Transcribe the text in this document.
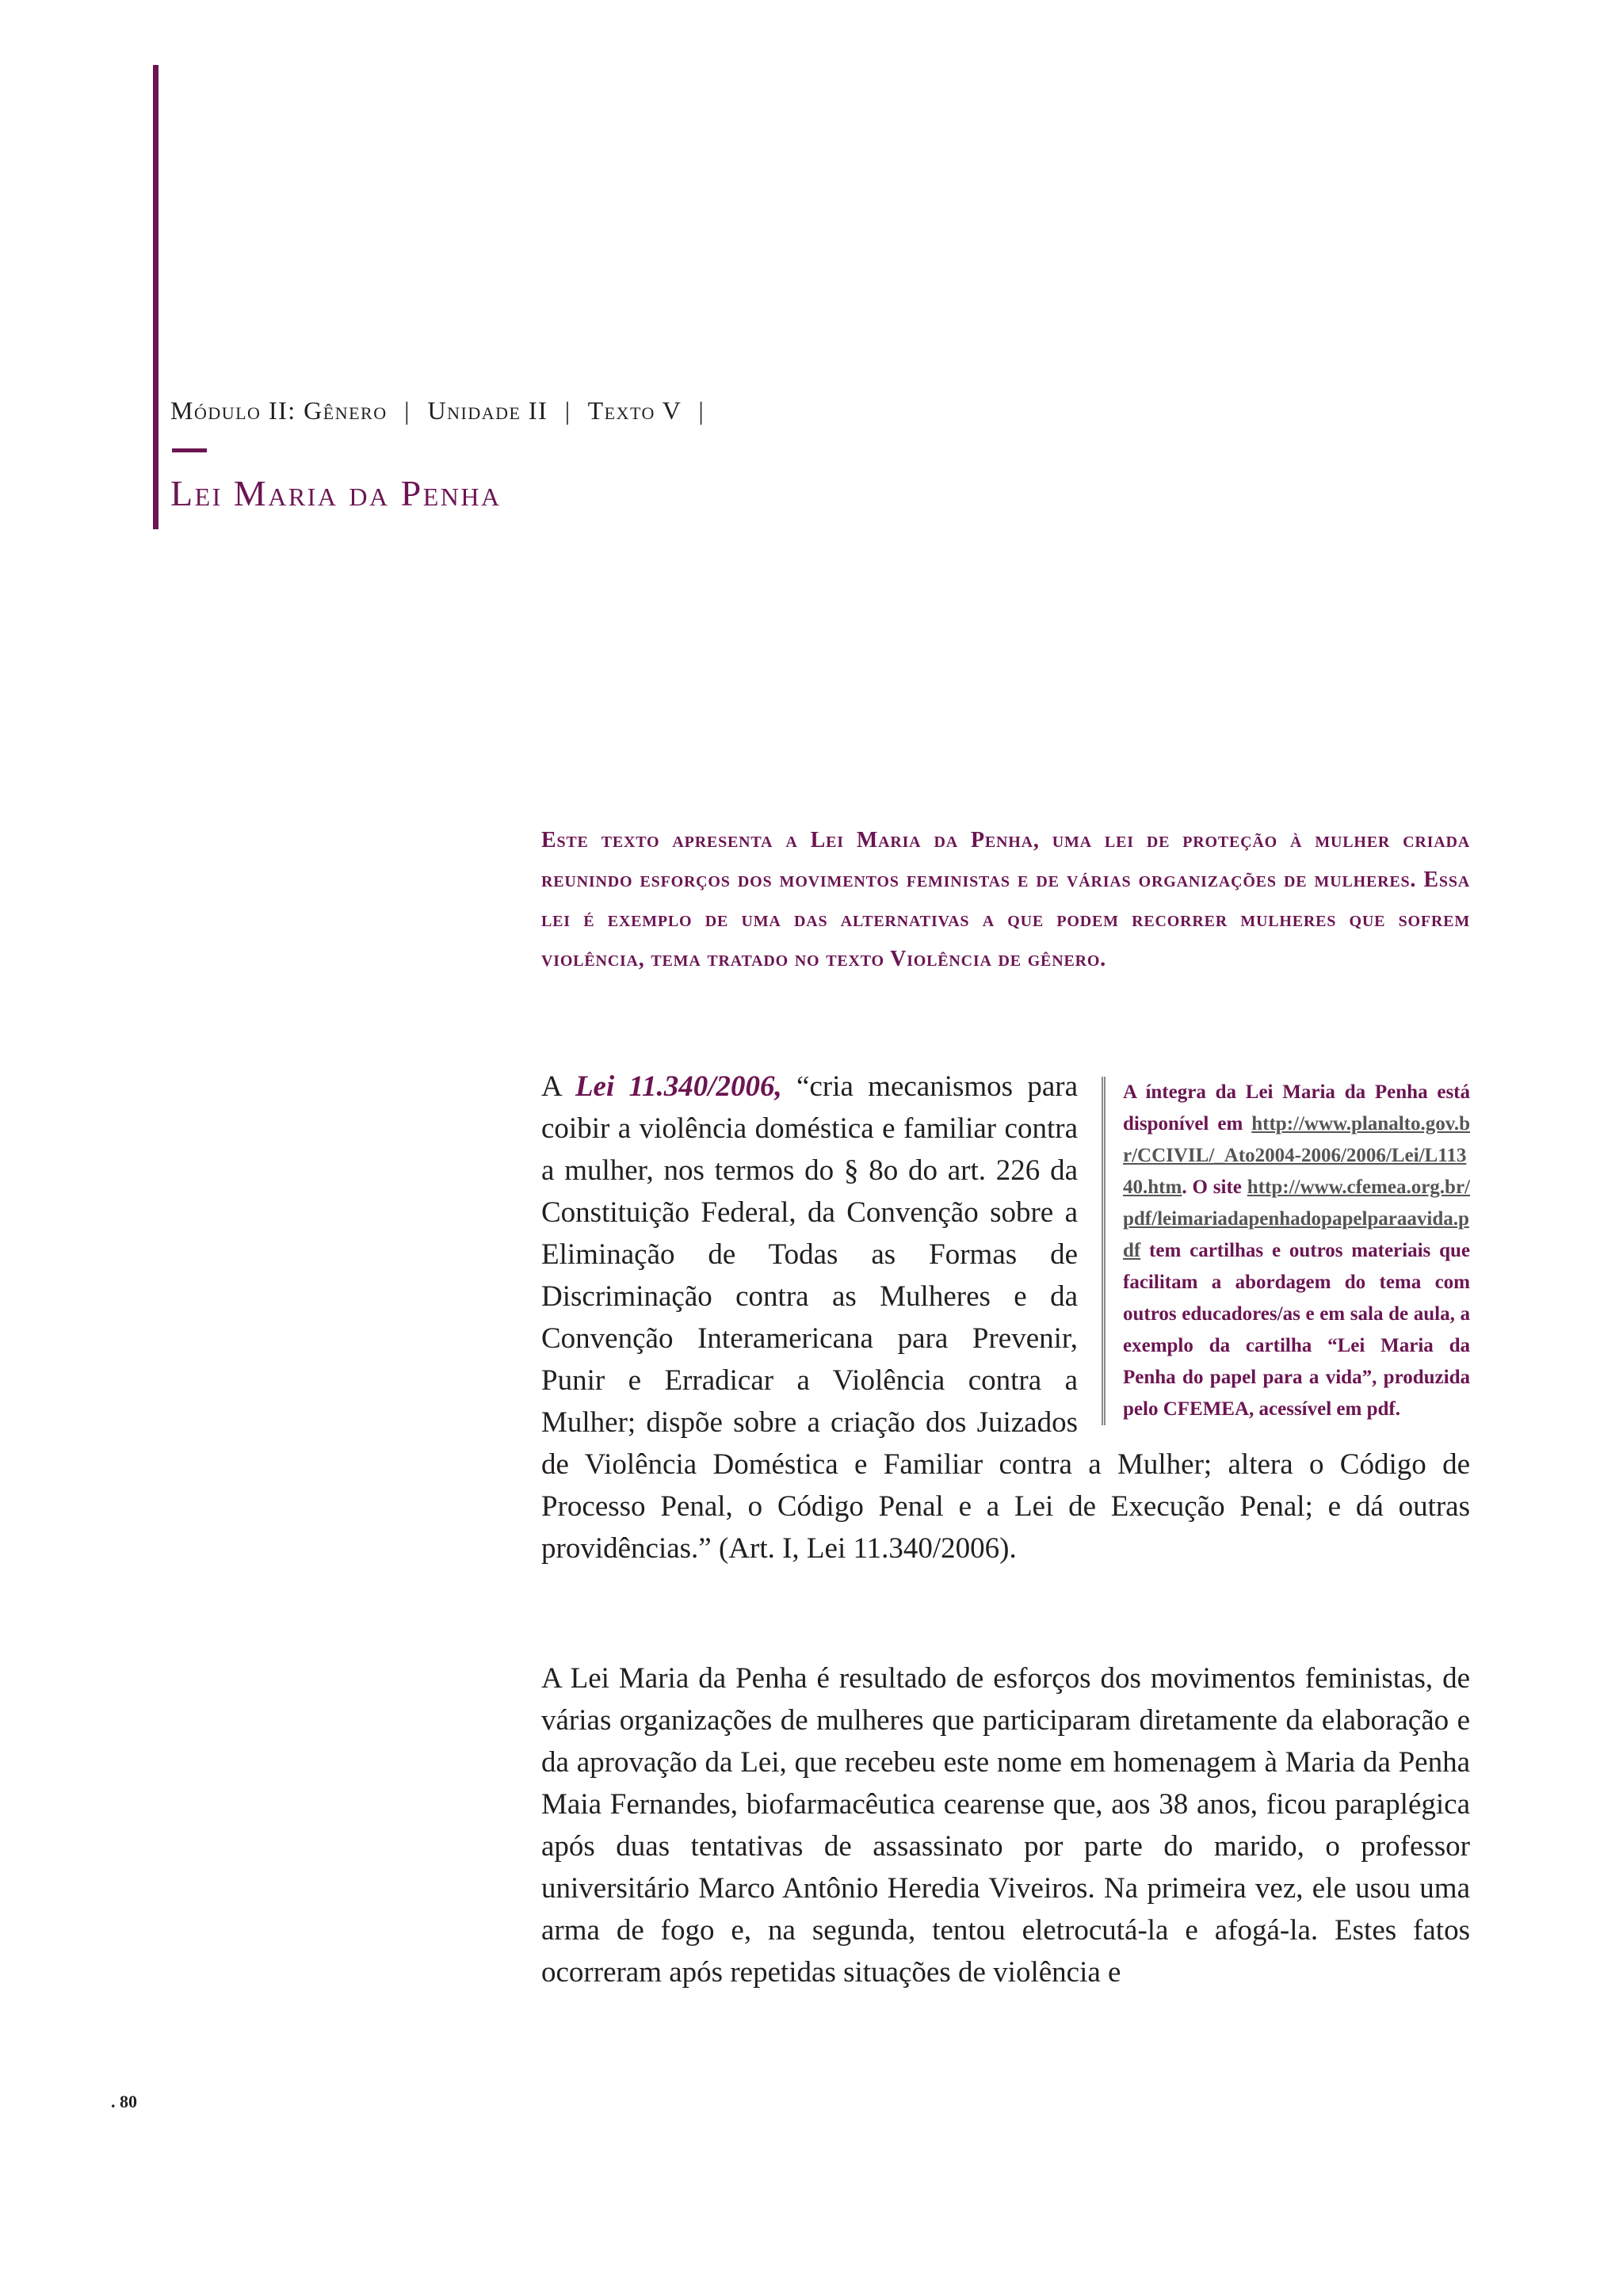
Módulo II: Gênero | Unidade II | Texto V |
Lei Maria da Penha
Este texto apresenta a Lei Maria da Penha, uma lei de proteção à mulher criada reunindo esforços dos movimentos feministas e de várias organizações de mulheres. Essa lei é exemplo de uma das alternativas a que podem recorrer mulheres que sofrem violência, tema tratado no texto Violência de gênero.
A íntegra da Lei Maria da Penha está disponível em http://www.planalto.gov.br/CCIVIL/_Ato2004-2006/2006/Lei/L11340.htm. O site http://www.cfemea.org.br/pdf/leimariadapenhadopapelparaavida.pdf tem cartilhas e outros materiais que facilitam a abordagem do tema com outros educadores/as e em sala de aula, a exemplo da cartilha “Lei Maria da Penha do papel para a vida”, produzida pelo CFEMEA, acessível em pdf.
A Lei 11.340/2006, “cria mecanismos para coibir a violência doméstica e familiar contra a mulher, nos termos do § 8o do art. 226 da Constituição Federal, da Convenção sobre a Eliminação de Todas as Formas de Discriminação contra as Mulheres e da Convenção Interamericana para Prevenir, Punir e Erradicar a Violência contra a Mulher; dispõe sobre a criação dos Juizados de Violência Doméstica e Familiar contra a Mulher; altera o Código de Processo Penal, o Código Penal e a Lei de Execução Penal; e dá outras providências.” (Art. I, Lei 11.340/2006).
A Lei Maria da Penha é resultado de esforços dos movimentos feministas, de várias organizações de mulheres que participaram diretamente da elaboração e da aprovação da Lei, que recebeu este nome em homenagem à Maria da Penha Maia Fernandes, biofarmacêutica cearense que, aos 38 anos, ficou paraplégica após duas tentativas de assassinato por parte do marido, o professor universitário Marco Antônio Heredia Viveiros. Na primeira vez, ele usou uma arma de fogo e, na segunda, tentou eletrocutá-la e afogá-la. Estes fatos ocorreram após repetidas situações de violência e
. 80
